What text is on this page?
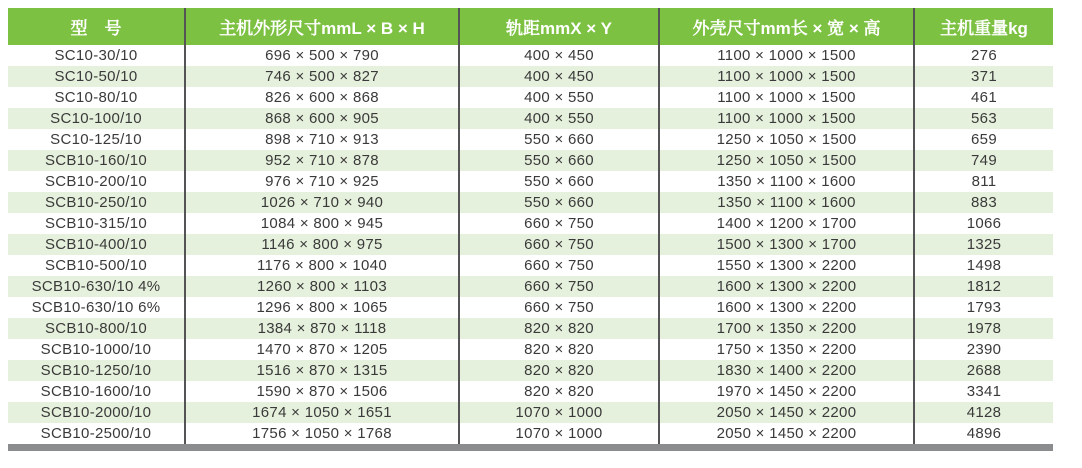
型　号	主机外形尺寸mmL × B × H	轨距mmX × Y	外壳尺寸mm长 × 宽 × 高	主机重量kg
SC10-30/10	696 × 500 × 790	400 × 450	1100 × 1000 × 1500	276
SC10-50/10	746 × 500 × 827	400 × 450	1100 × 1000 × 1500	371
SC10-80/10	826 × 600 × 868	400 × 550	1100 × 1000 × 1500	461
SC10-100/10	868 × 600 × 905	400 × 550	1100 × 1000 × 1500	563
SC10-125/10	898 × 710 × 913	550 × 660	1250 × 1050 × 1500	659
SCB10-160/10	952 × 710 × 878	550 × 660	1250 × 1050 × 1500	749
SCB10-200/10	976 × 710 × 925	550 × 660	1350 × 1100 × 1600	811
SCB10-250/10	1026 × 710 × 940	550 × 660	1350 × 1100 × 1600	883
SCB10-315/10	1084 × 800 × 945	660 × 750	1400 × 1200 × 1700	1066
SCB10-400/10	1146 × 800 × 975	660 × 750	1500 × 1300 × 1700	1325
SCB10-500/10	1176 × 800 × 1040	660 × 750	1550 × 1300 × 2200	1498
SCB10-630/10 4%	1260 × 800 × 1103	660 × 750	1600 × 1300 × 2200	1812
SCB10-630/10 6%	1296 × 800 × 1065	660 × 750	1600 × 1300 × 2200	1793
SCB10-800/10	1384 × 870 × 1118	820 × 820	1700 × 1350 × 2200	1978
SCB10-1000/10	1470 × 870 × 1205	820 × 820	1750 × 1350 × 2200	2390
SCB10-1250/10	1516 × 870 × 1315	820 × 820	1830 × 1400 × 2200	2688
SCB10-1600/10	1590 × 870 × 1506	820 × 820	1970 × 1450 × 2200	3341
SCB10-2000/10	1674 × 1050 × 1651	1070 × 1000	2050 × 1450 × 2200	4128
SCB10-2500/10	1756 × 1050 × 1768	1070 × 1000	2050 × 1450 × 2200	4896
